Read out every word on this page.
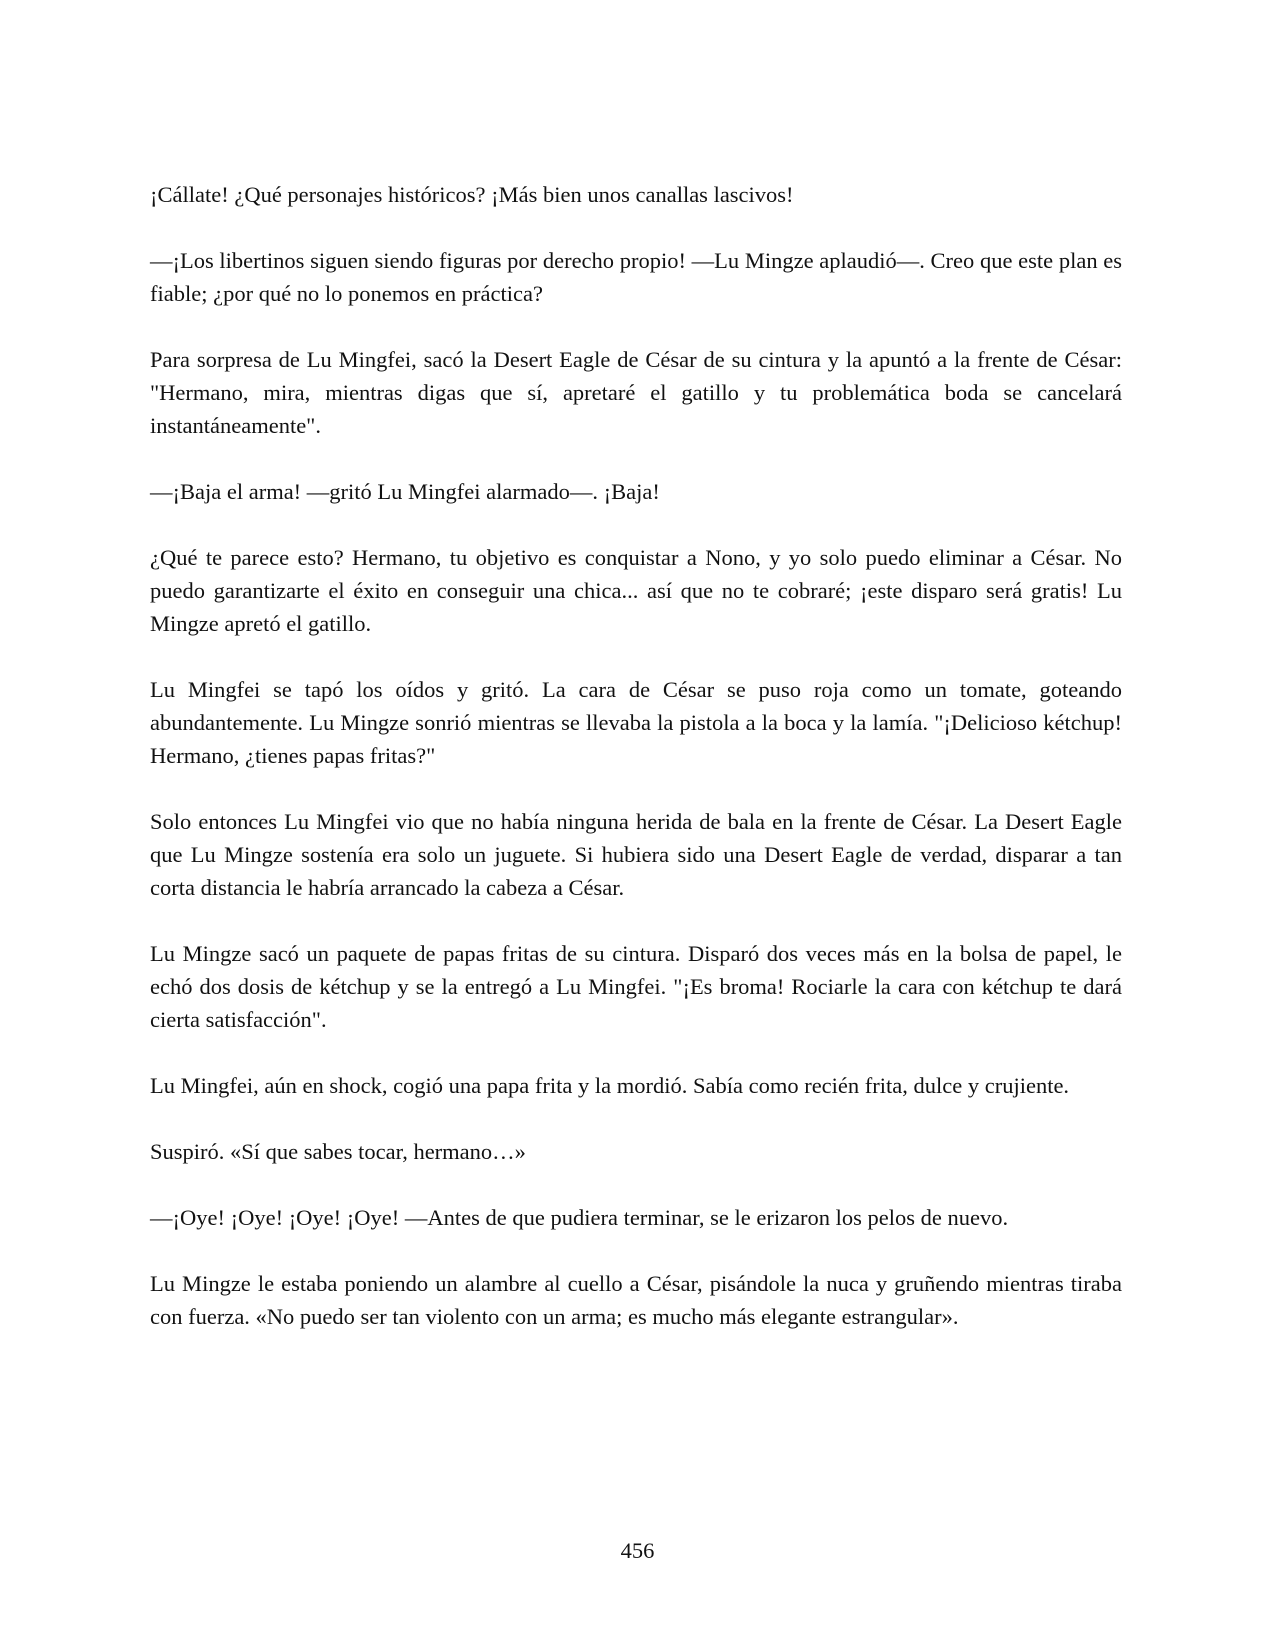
¡Cállate! ¿Qué personajes históricos? ¡Más bien unos canallas lascivos!

—¡Los libertinos siguen siendo figuras por derecho propio! —Lu Mingze aplaudió—. Creo que este plan es fiable; ¿por qué no lo ponemos en práctica?

Para sorpresa de Lu Mingfei, sacó la Desert Eagle de César de su cintura y la apuntó a la frente de César: "Hermano, mira, mientras digas que sí, apretaré el gatillo y tu problemática boda se cancelará instantáneamente".

—¡Baja el arma! —gritó Lu Mingfei alarmado—. ¡Baja!

¿Qué te parece esto? Hermano, tu objetivo es conquistar a Nono, y yo solo puedo eliminar a César. No puedo garantizarte el éxito en conseguir una chica... así que no te cobraré; ¡este disparo será gratis! Lu Mingze apretó el gatillo.

Lu Mingfei se tapó los oídos y gritó. La cara de César se puso roja como un tomate, goteando abundantemente. Lu Mingze sonrió mientras se llevaba la pistola a la boca y la lamía. "¡Delicioso kétchup! Hermano, ¿tienes papas fritas?"

Solo entonces Lu Mingfei vio que no había ninguna herida de bala en la frente de César. La Desert Eagle que Lu Mingze sostenía era solo un juguete. Si hubiera sido una Desert Eagle de verdad, disparar a tan corta distancia le habría arrancado la cabeza a César.

Lu Mingze sacó un paquete de papas fritas de su cintura. Disparó dos veces más en la bolsa de papel, le echó dos dosis de kétchup y se la entregó a Lu Mingfei. "¡Es broma! Rociarle la cara con kétchup te dará cierta satisfacción".

Lu Mingfei, aún en shock, cogió una papa frita y la mordió. Sabía como recién frita, dulce y crujiente.

Suspiró. «Sí que sabes tocar, hermano…»

—¡Oye! ¡Oye! ¡Oye! ¡Oye! —Antes de que pudiera terminar, se le erizaron los pelos de nuevo.

Lu Mingze le estaba poniendo un alambre al cuello a César, pisándole la nuca y gruñendo mientras tiraba con fuerza. «No puedo ser tan violento con un arma; es mucho más elegante estrangular».

456
